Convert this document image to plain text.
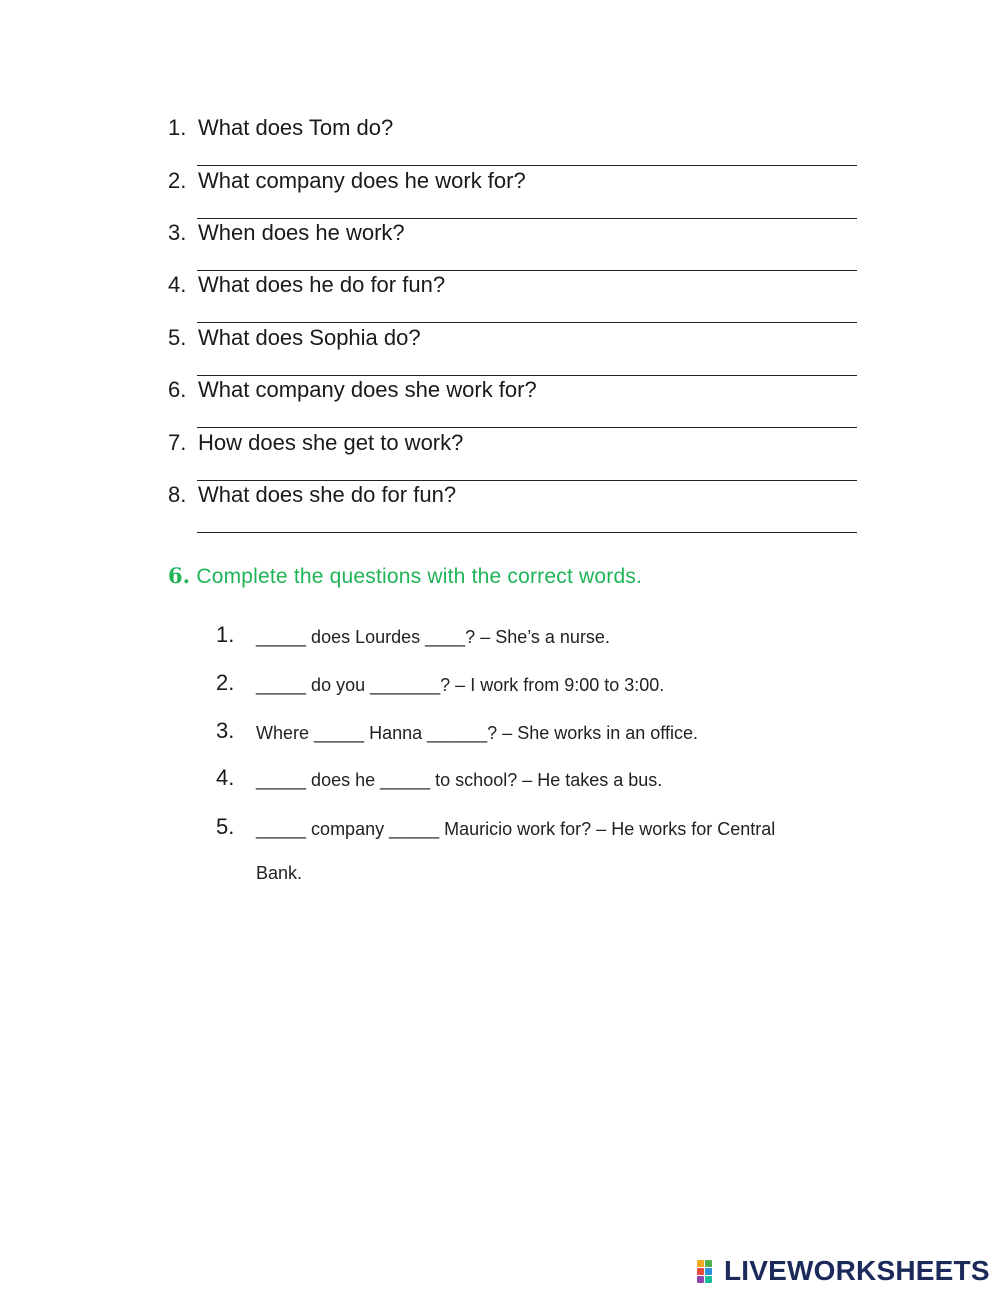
1. What does Tom do?
2. What company does he work for?
3. When does he work?
4. What does he do for fun?
5. What does Sophia do?
6. What company does she work for?
7. How does she get to work?
8. What does she do for fun?
6. Complete the questions with the correct words.
1. _____ does Lourdes ____? – She’s a nurse.
2. _____ do you _______? – I work from 9:00 to 3:00.
3. Where _____ Hanna ______? – She works in an office.
4. _____ does he _____ to school? – He takes a bus.
5. _____ company _____ Mauricio work for? – He works for Central
Bank.
LIVEWORKSHEETS
